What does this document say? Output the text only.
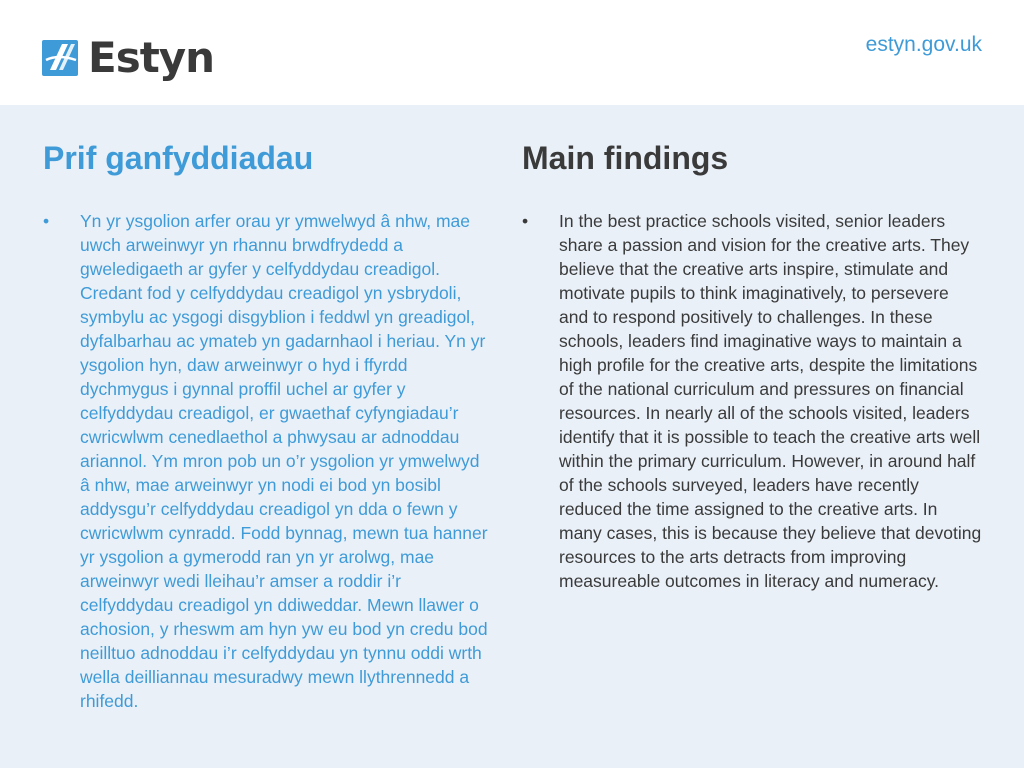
Estyn	estyn.gov.uk
Prif ganfyddiadau
• Yn yr ysgolion arfer orau yr ymwelwyd â nhw, mae uwch arweinwyr yn rhannu brwdfrydedd a gweledigaeth ar gyfer y celfyddydau creadigol. Credant fod y celfyddydau creadigol yn ysbrydoli, symbylu ac ysgogi disgyblion i feddwl yn greadigol, dyfalbarhau ac ymateb yn gadarnhaol i heriau. Yn yr ysgolion hyn, daw arweinwyr o hyd i ffyrdd dychmygus i gynnal proffil uchel ar gyfer y celfyddydau creadigol, er gwaethaf cyfyngiadau’r cwricwlwm cenedlaethol a phwysau ar adnoddau ariannol. Ym mron pob un o’r ysgolion yr ymwelwyd â nhw, mae arweinwyr yn nodi ei bod yn bosibl addysgu’r celfyddydau creadigol yn dda o fewn y cwricwlwm cynradd. Fodd bynnag, mewn tua hanner yr ysgolion a gymerodd ran yn yr arolwg, mae arweinwyr wedi lleihau’r amser a roddir i’r celfyddydau creadigol yn ddiweddar. Mewn llawer o achosion, y rheswm am hyn yw eu bod yn credu bod neilltuo adnoddau i’r celfyddydau yn tynnu oddi wrth wella deilliannau mesuradwy mewn llythrennedd a rhifedd.
Main findings
• In the best practice schools visited, senior leaders share a passion and vision for the creative arts. They believe that the creative arts inspire, stimulate and motivate pupils to think imaginatively, to persevere and to respond positively to challenges. In these schools, leaders find imaginative ways to maintain a high profile for the creative arts, despite the limitations of the national curriculum and pressures on financial resources. In nearly all of the schools visited, leaders identify that it is possible to teach the creative arts well within the primary curriculum. However, in around half of the schools surveyed, leaders have recently reduced the time assigned to the creative arts. In many cases, this is because they believe that devoting resources to the arts detracts from improving measureable outcomes in literacy and numeracy.
